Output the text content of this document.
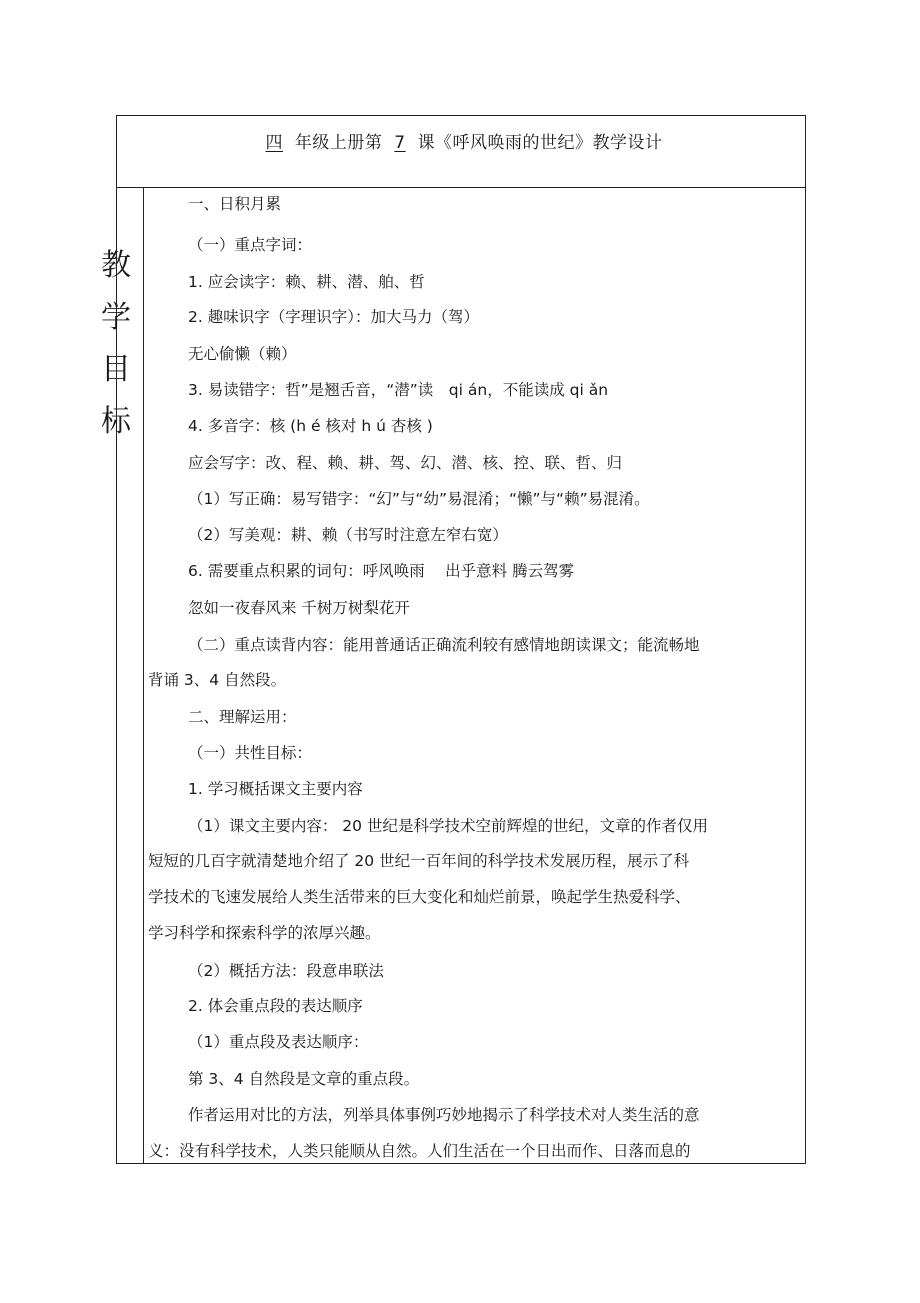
四 年级上册第 7 课《呼风唤雨的世纪》教学设计
教
学
目
标
一、日积月累
（一）重点字词：
1. 应会读字：赖、耕、潜、舶、哲
2. 趣味识字（字理识字）：加大马力（驾）
无心偷懒（赖）
3. 易读错字：哲”是翘舌音，“潜”读　qi án，不能读成 qi ǎn
4. 多音字：核 (h é 核对 h ú 杏核 )
应会写字：改、程、赖、耕、驾、幻、潜、核、控、联、哲、归
（1）写正确：易写错字：“幻”与“幼”易混淆；“懒”与“赖”易混淆。
（2）写美观：耕、赖（书写时注意左窄右宽）
6. 需要重点积累的词句：呼风唤雨　 出乎意料 腾云驾雾
忽如一夜春风来 千树万树梨花开
（二）重点读背内容：能用普通话正确流利较有感情地朗读课文；能流畅地
背诵 3、4 自然段。
二、理解运用：
（一）共性目标：
1. 学习概括课文主要内容
（1）课文主要内容： 20 世纪是科学技术空前辉煌的世纪，文章的作者仅用
短短的几百字就清楚地介绍了 20 世纪一百年间的科学技术发展历程，展示了科
学技术的飞速发展给人类生活带来的巨大变化和灿烂前景，唤起学生热爱科学、
学习科学和探索科学的浓厚兴趣。
（2）概括方法：段意串联法
2. 体会重点段的表达顺序
（1）重点段及表达顺序：
第 3、4 自然段是文章的重点段。
作者运用对比的方法，列举具体事例巧妙地揭示了科学技术对人类生活的意
义：没有科学技术，人类只能顺从自然。人们生活在一个日出而作、日落而息的
